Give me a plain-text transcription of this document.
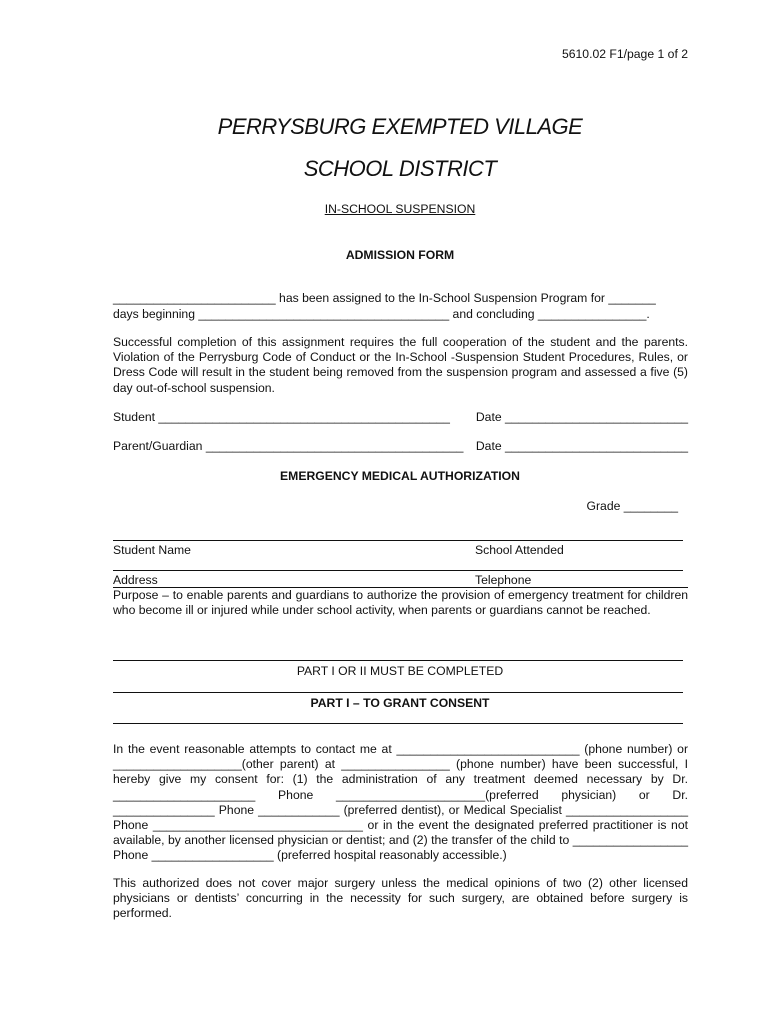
5610.02 F1/page 1 of 2
PERRYSBURG EXEMPTED VILLAGE
SCHOOL DISTRICT
IN-SCHOOL SUSPENSION
ADMISSION FORM
________________________ has been assigned to the In-School Suspension Program for _______
days beginning _____________________________________ and concluding ________________.
Successful completion of this assignment requires the full cooperation of the student and the parents. Violation of the Perrysburg Code of Conduct or the In-School -Suspension Student Procedures, Rules, or Dress Code will result in the student being removed from the suspension program and assessed a five (5) day out-of-school suspension.
Student ___________________________________________ Date ___________________________
Parent/Guardian ______________________________________ Date ___________________________
EMERGENCY MEDICAL AUTHORIZATION
Grade ________
Student Name	School Attended
Address	Telephone
Purpose – to enable parents and guardians to authorize the provision of emergency treatment for children who become ill or injured while under school activity, when parents or guardians cannot be reached.
PART I OR II MUST BE COMPLETED
PART I – TO GRANT CONSENT
In the event reasonable attempts to contact me at ___________________________ (phone number) or ___________________(other parent) at ________________ (phone number) have been successful, I hereby give my consent for: (1) the administration of any treatment deemed necessary by Dr. _____________________ Phone ______________________(preferred physician) or Dr. _______________ Phone ____________ (preferred dentist), or Medical Specialist __________________ Phone _______________________________ or in the event the designated preferred practitioner is not available, by another licensed physician or dentist; and (2) the transfer of the child to _________________ Phone __________________ (preferred hospital reasonably accessible.)
This authorized does not cover major surgery unless the medical opinions of two (2) other licensed physicians or dentists’ concurring in the necessity for such surgery, are obtained before surgery is performed.
